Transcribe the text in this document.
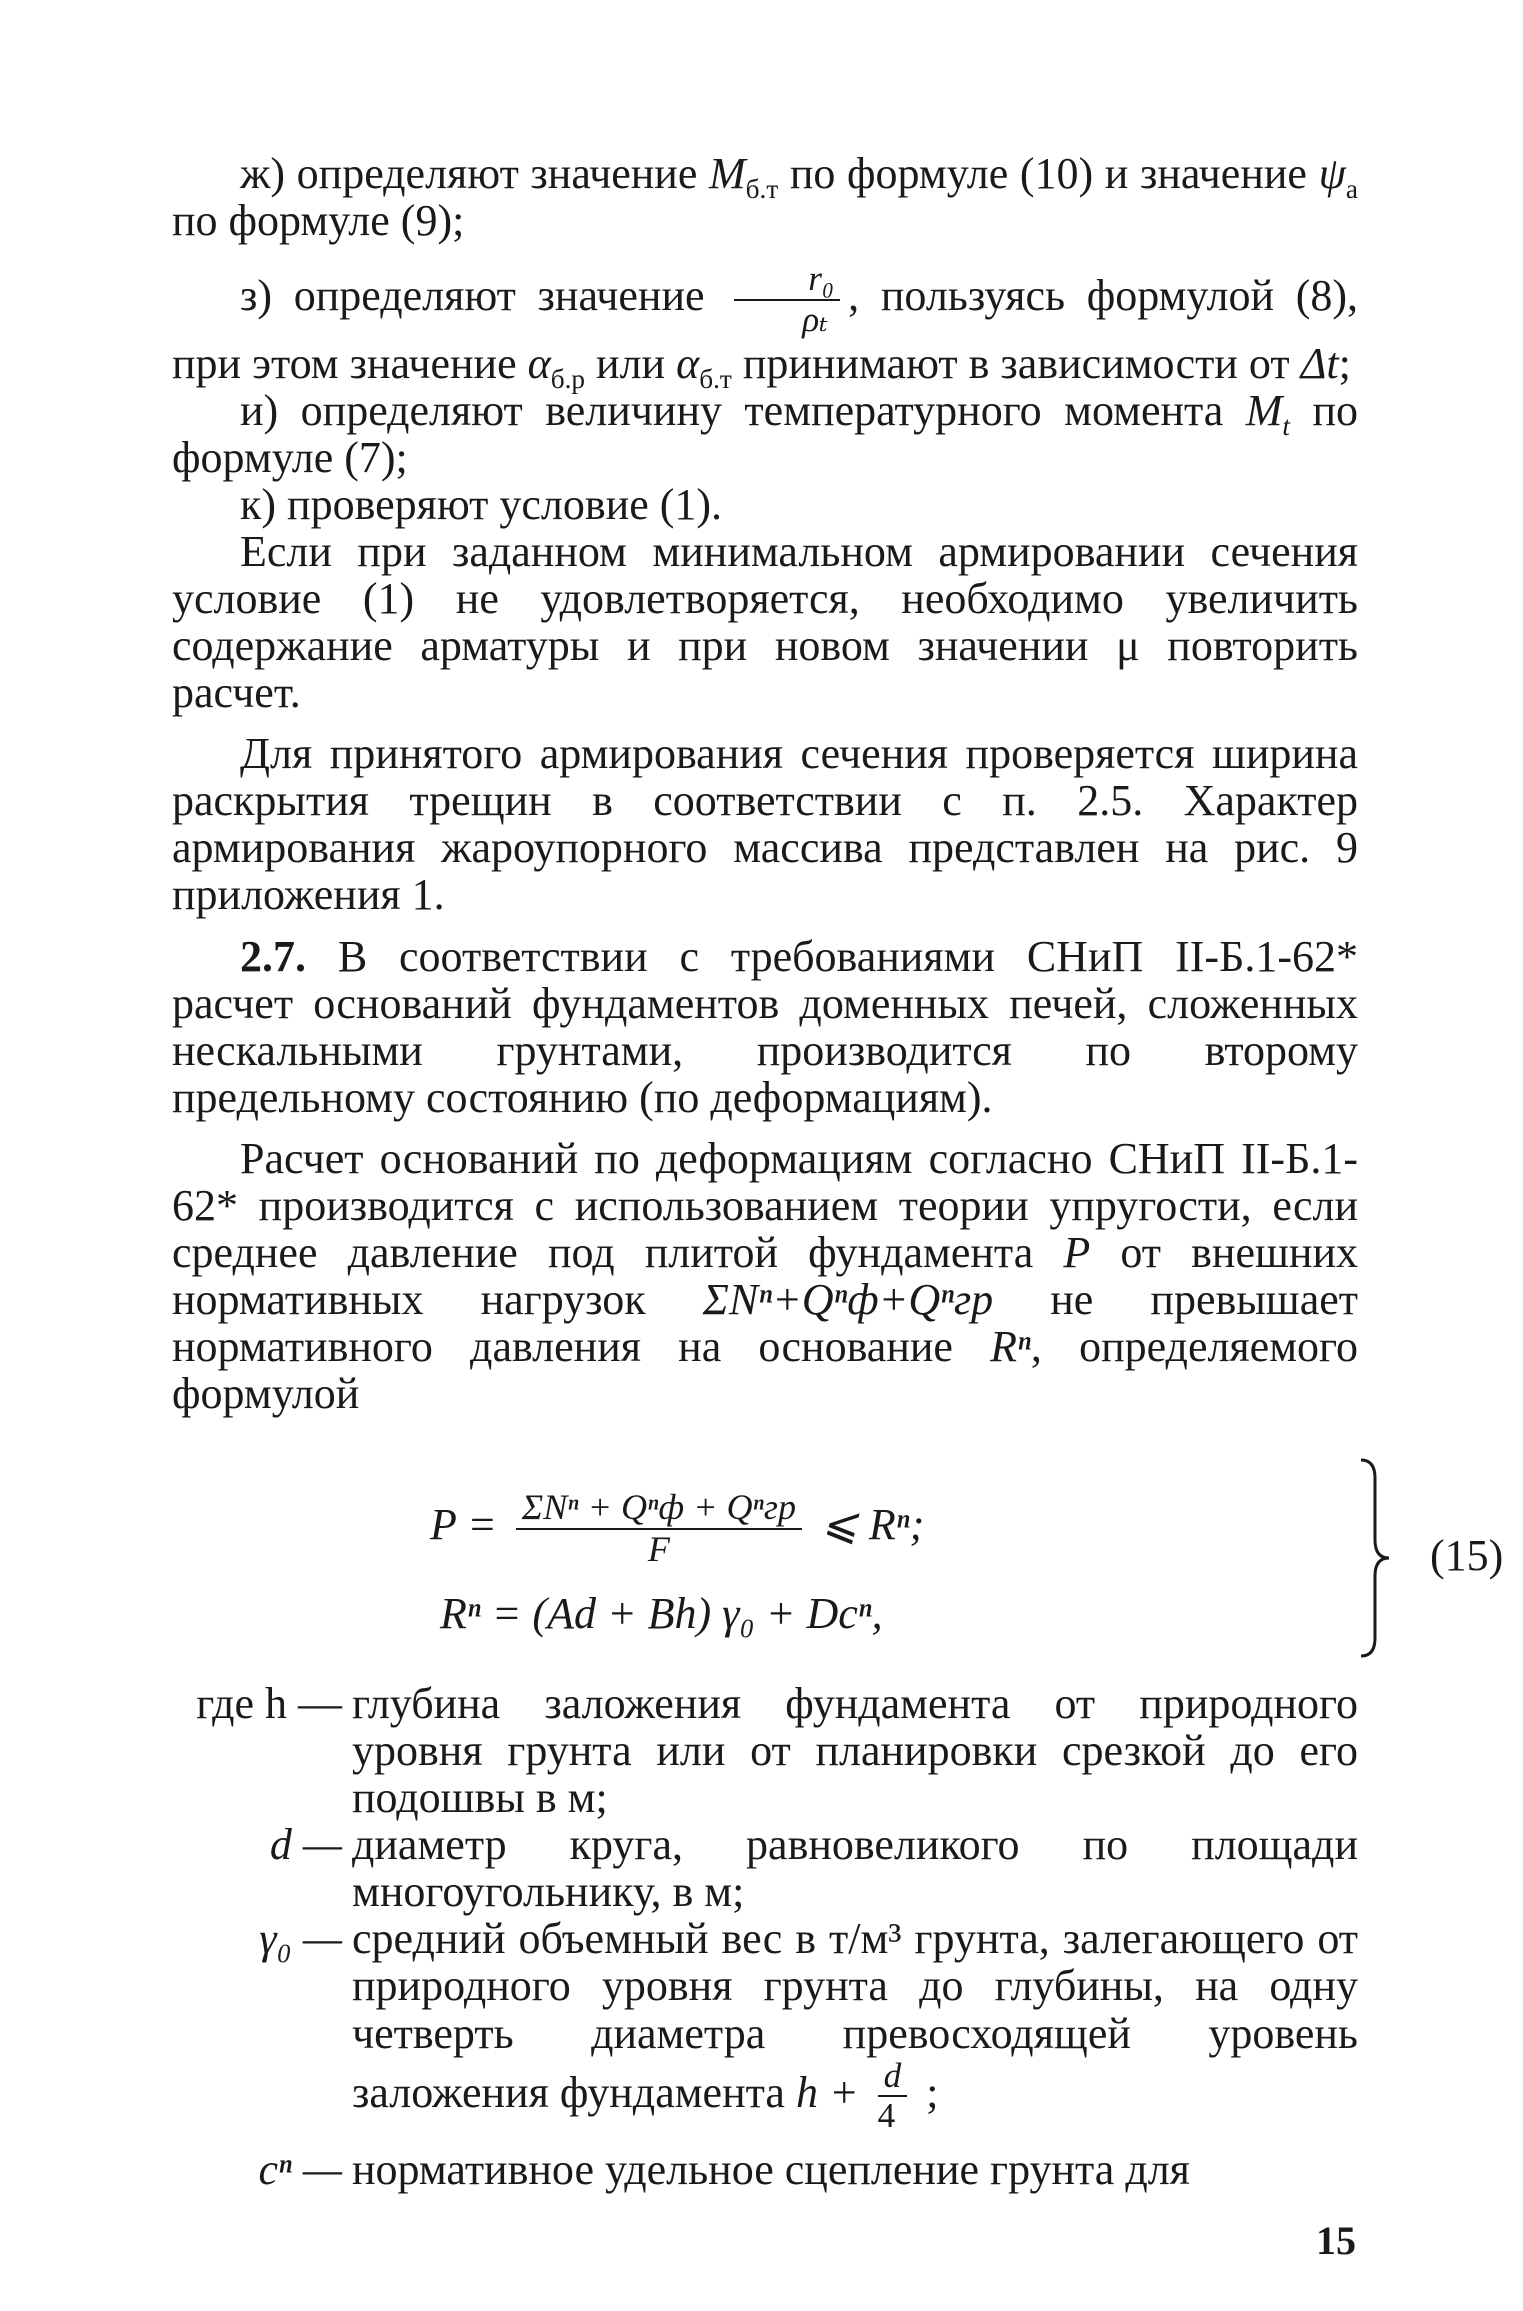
ж) определяют значение $M_{б.т}$ по формуле (10) и значение $\psi_а$ по формуле (9);

з) определяют значение $\frac{\text{r₀}}{\text{ρₜ}}$ , пользуясь формулой (8), при этом значение $\alpha_{б.р}$ или $\alpha_{б.т}$ принимают в зависимости от Δt;

и) определяют величину температурного момента $M_t$ по формуле (7);

к) проверяют условие (1).

Если при заданном минимальном армировании сечения условие (1) не удовлетворяется, необходимо увеличить содержание арматуры и при новом значении μ повторить расчет.

Для принятого армирования сечения проверяется ширина раскрытия трещин в соответствии с п. 2.5. Характер армирования жароупорного массива представлен на рис. 9 приложения 1.

2.7. В соответствии с требованиями СНиП II-Б.1-62* расчет оснований фундаментов доменных печей, сложенных нескальными грунтами, производится по второму предельному состоянию (по деформациям).

Расчет оснований по деформациям согласно СНиП II-Б.1-62* производится с использованием теории упругости, если среднее давление под плитой фундамента P от внешних нормативных нагрузок ΣNⁿ+Qⁿф+Qⁿгр не превышает нормативного давления на основание Rⁿ, определяемого формулой

$P = \frac{\text{ΣNⁿ + Qⁿф + Qⁿгр}}{F}$ ⩽ Rⁿ;
Rⁿ = (Ad + Bh) γ₀ + Dcⁿ,
(15)
где h — глубина заложения фундамента от природного уровня грунта или от планировки срезкой до его подошвы в м;
d — диаметр круга, равновеликого по площади многоугольнику, в м;
γ₀ — средний объемный вес в т/м³ грунта, залегающего от природного уровня грунта до глубины, на одну четверть диаметра превосходящей уровень заложения фундамента $h + \frac{d}{4}$ ;
cⁿ — нормативное удельное сцепление грунта для
15
